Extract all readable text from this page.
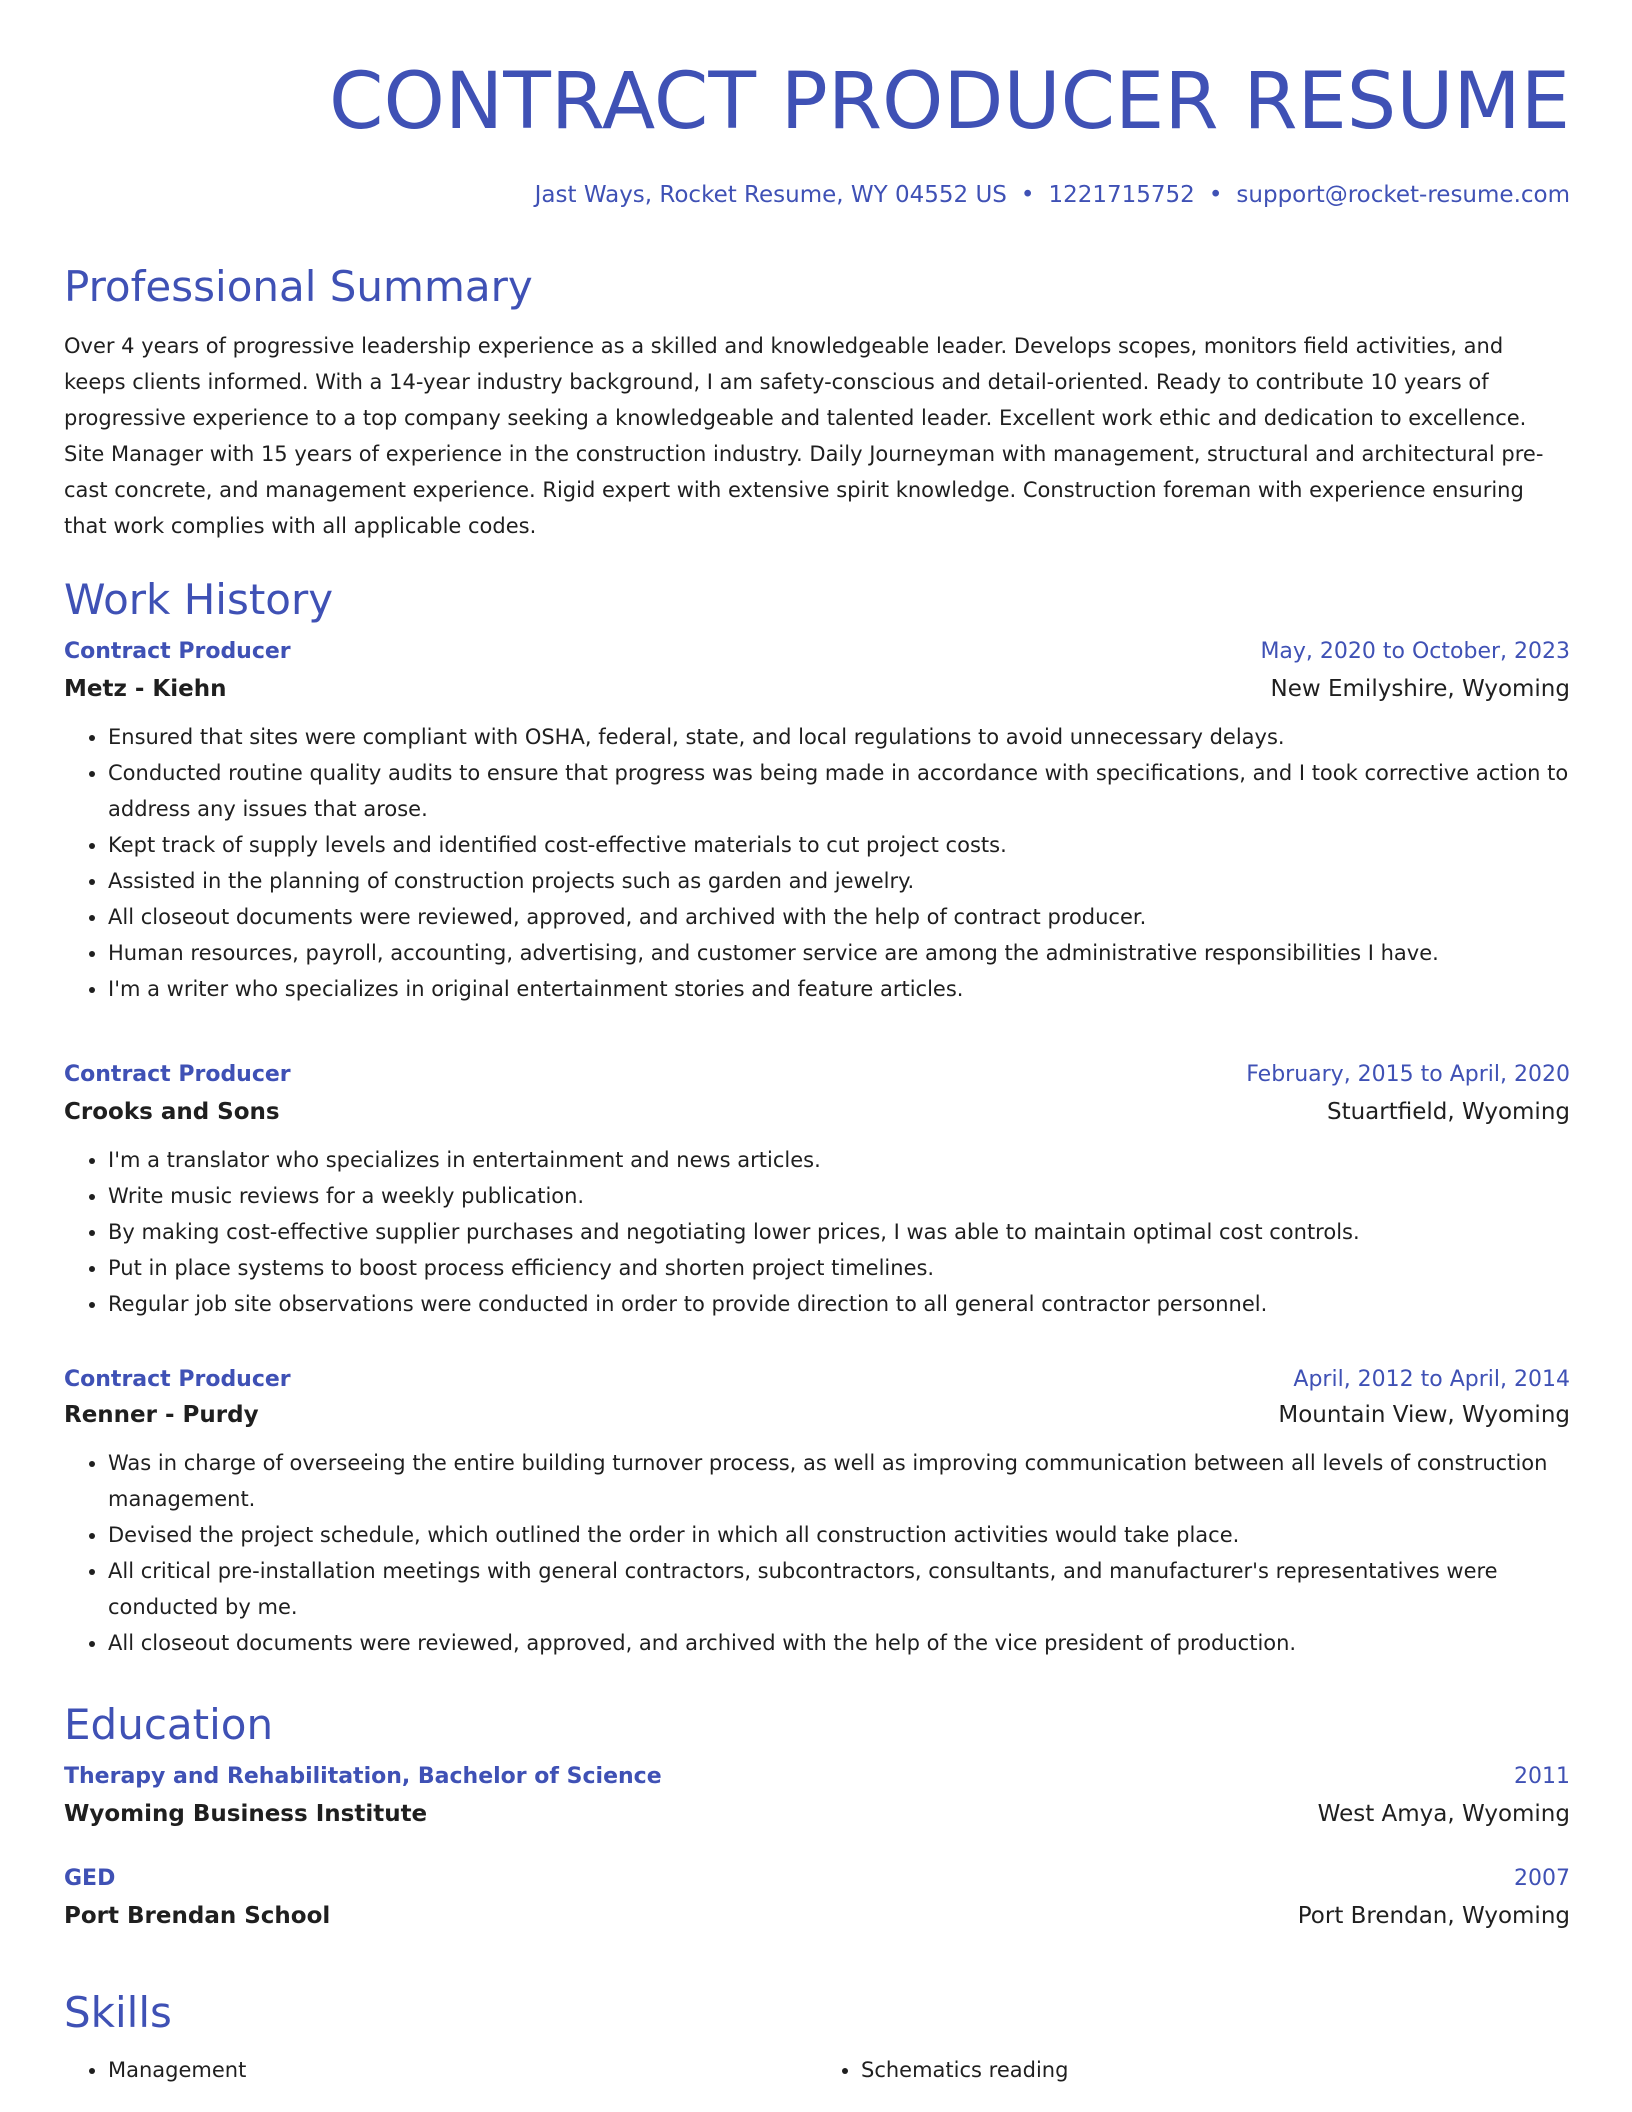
CONTRACT PRODUCER RESUME
Jast Ways, Rocket Resume, WY 04552 US • 1221715752 • support@rocket-resume.com
Professional Summary

Over 4 years of progressive leadership experience as a skilled and knowledgeable leader. Develops scopes, monitors field activities, and keeps clients informed. With a 14-year industry background, I am safety-conscious and detail-oriented. Ready to contribute 10 years of progressive experience to a top company seeking a knowledgeable and talented leader. Excellent work ethic and dedication to excellence. Site Manager with 15 years of experience in the construction industry. Daily Journeyman with management, structural and architectural pre-cast concrete, and management experience. Rigid expert with extensive spirit knowledge. Construction foreman with experience ensuring that work complies with all applicable codes.

Work History
Contract Producer	May, 2020 to October, 2023
Metz - Kiehn	New Emilyshire, Wyoming
• Ensured that sites were compliant with OSHA, federal, state, and local regulations to avoid unnecessary delays.
• Conducted routine quality audits to ensure that progress was being made in accordance with specifications, and I took corrective action to address any issues that arose.
• Kept track of supply levels and identified cost-effective materials to cut project costs.
• Assisted in the planning of construction projects such as garden and jewelry.
• All closeout documents were reviewed, approved, and archived with the help of contract producer.
• Human resources, payroll, accounting, advertising, and customer service are among the administrative responsibilities I have.
• I'm a writer who specializes in original entertainment stories and feature articles.
Contract Producer	February, 2015 to April, 2020
Crooks and Sons	Stuartfield, Wyoming
• I'm a translator who specializes in entertainment and news articles.
• Write music reviews for a weekly publication.
• By making cost-effective supplier purchases and negotiating lower prices, I was able to maintain optimal cost controls.
• Put in place systems to boost process efficiency and shorten project timelines.
• Regular job site observations were conducted in order to provide direction to all general contractor personnel.
Contract Producer	April, 2012 to April, 2014
Renner - Purdy	Mountain View, Wyoming
• Was in charge of overseeing the entire building turnover process, as well as improving communication between all levels of construction management.
• Devised the project schedule, which outlined the order in which all construction activities would take place.
• All critical pre-installation meetings with general contractors, subcontractors, consultants, and manufacturer's representatives were conducted by me.
• All closeout documents were reviewed, approved, and archived with the help of the vice president of production.
Education
Therapy and Rehabilitation, Bachelor of Science	2011
Wyoming Business Institute	West Amya, Wyoming
GED	2007
Port Brendan School	Port Brendan, Wyoming
Skills
• Management
•	Schematics reading
